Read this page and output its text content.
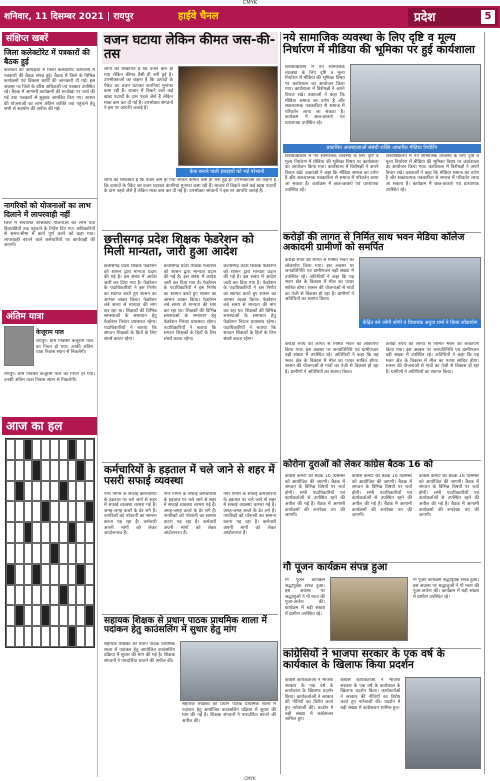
CMYK
शनिवार, 11 दिसम्बर 2021 | रायपुर	हाईवे चैनल	प्रदेश	5
संक्षिप्त खबरें
जिला कलेक्टोरेट में पत्रकारों की बैठक हुई
कलेक्टर की अध्यक्षता में जिला कलेक्टोरेट कार्यालय में पत्रकारों की बैठक संपन्न हुई। बैठक में जिले के विभिन्न कार्यक्रमों एवं विकास कार्यों की जानकारी दी गई। इस अवसर पर जिले के वरिष्ठ अधिकारी एवं पत्रकार उपस्थित रहे। बैठक में आगामी कार्यक्रमों की रूपरेखा पर चर्चा की गई तथा पत्रकारों से सुझाव आमंत्रित किए गए। शासन की योजनाओं का लाभ अंतिम व्यक्ति तक पहुंचाने हेतु सभी से सहयोग की अपील की गई।
नागरिकों को योजनाओं का लाभ दिलाने में लापरवाही नहीं
जिले में संचालित शासकीय योजनाओं का लाभ पात्र हितग्राहियों तक पहुंचाने के निर्देश दिए गए। अधिकारियों से समय-सीमा में कार्य पूर्ण करने को कहा गया। लापरवाही बरतने वाले कर्मचारियों पर कार्यवाही की जाएगी।
अंतिम यात्रा
केजूराम पाल
रायपुर। ग्राम निवासी केजूराम पाल का निधन हो गया। उनकी अंतिम यात्रा निवास स्थान से निकलेगी।
रायपुर। ग्राम निवासी केजूराम पाल का निधन हो गया। उनकी अंतिम यात्रा निवास स्थान से निकलेगी।
आज का हल
वजन घटाया लेकिन कीमत जस-की-तस
लोगों की शिकायत है कि वजन कम हो गया लेकिन कीमत वैसी ही बनी हुई है। उपभोक्ताओं का कहना है कि उत्पादों के पैकेट का वजन घटाकर कंपनियां मुनाफा कमा रही हैं। बाजार में बिकने वाले कई खाद्य पदार्थों के दाम पहले जैसे हैं लेकिन मात्रा कम कर दी गई है। उपभोक्ता संगठनों ने इस पर आपत्ति जताई है।
केक बनाने वाली इकाइयों को भई परेशानी
लोगों की शिकायत है कि वजन कम हो गया लेकिन कीमत वैसी ही बनी हुई है। उपभोक्ताओं का कहना है कि उत्पादों के पैकेट का वजन घटाकर कंपनियां मुनाफा कमा रही हैं। बाजार में बिकने वाले कई खाद्य पदार्थों के दाम पहले जैसे हैं लेकिन मात्रा कम कर दी गई है। उपभोक्ता संगठनों ने इस पर आपत्ति जताई है।
नये सामाजिक व्यवस्था के लिए दृष्टि व मूल्य निर्धारण में मीडिया की भूमिका पर हुई कार्यशाला
विश्वविद्यालय में नये सामाजिक व्यवस्था के लिए दृष्टि व मूल्य निर्धारण में मीडिया की भूमिका विषय पर कार्यशाला का आयोजन किया गया। कार्यशाला में विशेषज्ञों ने अपने विचार रखे। वक्ताओं ने कहा कि मीडिया समाज का दर्पण है और सकारात्मक पत्रकारिता से समाज में परिवर्तन लाया जा सकता है। कार्यक्रम में छात्र-छात्राएं एवं प्राध्यापक उपस्थित रहे।
प्रकाशित आत्महत्याओं संबंधी शक्ति आधारित मीडिया रिपोर्टिंग
विश्वविद्यालय में नये सामाजिक व्यवस्था के लिए दृष्टि व मूल्य निर्धारण में मीडिया की भूमिका विषय पर कार्यशाला का आयोजन किया गया। कार्यशाला में विशेषज्ञों ने अपने विचार रखे। वक्ताओं ने कहा कि मीडिया समाज का दर्पण है और सकारात्मक पत्रकारिता से समाज में परिवर्तन लाया जा सकता है। कार्यक्रम में छात्र-छात्राएं एवं प्राध्यापक उपस्थित रहे।
विश्वविद्यालय में नये सामाजिक व्यवस्था के लिए दृष्टि व मूल्य निर्धारण में मीडिया की भूमिका विषय पर कार्यशाला का आयोजन किया गया। कार्यशाला में विशेषज्ञों ने अपने विचार रखे। वक्ताओं ने कहा कि मीडिया समाज का दर्पण है और सकारात्मक पत्रकारिता से समाज में परिवर्तन लाया जा सकता है। कार्यक्रम में छात्र-छात्राएं एवं प्राध्यापक उपस्थित रहे।
छत्तीसगढ़ प्रदेश शिक्षक फेडरेशन को मिली मान्यता, जारी हुआ आदेश
छत्तीसगढ़ प्रदेश शिक्षक फेडरेशन को शासन द्वारा मान्यता प्रदान की गई है। इस संबंध में आदेश जारी कर दिया गया है। फेडरेशन के पदाधिकारियों ने इस निर्णय का स्वागत करते हुए शासन का आभार व्यक्त किया। फेडरेशन लंबे समय से मान्यता की मांग कर रहा था। शिक्षकों की विभिन्न समस्याओं के समाधान हेतु फेडरेशन निरंतर प्रयासरत रहेगा। पदाधिकारियों ने बताया कि संगठन शिक्षकों के हितों के लिए संघर्ष करता रहेगा।
छत्तीसगढ़ प्रदेश शिक्षक फेडरेशन को शासन द्वारा मान्यता प्रदान की गई है। इस संबंध में आदेश जारी कर दिया गया है। फेडरेशन के पदाधिकारियों ने इस निर्णय का स्वागत करते हुए शासन का आभार व्यक्त किया। फेडरेशन लंबे समय से मान्यता की मांग कर रहा था। शिक्षकों की विभिन्न समस्याओं के समाधान हेतु फेडरेशन निरंतर प्रयासरत रहेगा। पदाधिकारियों ने बताया कि संगठन शिक्षकों के हितों के लिए संघर्ष करता रहेगा।
छत्तीसगढ़ प्रदेश शिक्षक फेडरेशन को शासन द्वारा मान्यता प्रदान की गई है। इस संबंध में आदेश जारी कर दिया गया है। फेडरेशन के पदाधिकारियों ने इस निर्णय का स्वागत करते हुए शासन का आभार व्यक्त किया। फेडरेशन लंबे समय से मान्यता की मांग कर रहा था। शिक्षकों की विभिन्न समस्याओं के समाधान हेतु फेडरेशन निरंतर प्रयासरत रहेगा। पदाधिकारियों ने बताया कि संगठन शिक्षकों के हितों के लिए संघर्ष करता रहेगा।
करोड़ों की लागत से निर्मित साथ भवन मेडिया कॉलेज अकादमी ग्रामीणों को समर्पित
करोड़ों रुपये की लागत से निर्मित भवन का लोकार्पण किया गया। इस अवसर पर जनप्रतिनिधि एवं ग्रामीणजन बड़ी संख्या में उपस्थित रहे। अतिथियों ने कहा कि यह भवन क्षेत्र के विकास में मील का पत्थर साबित होगा। शासन की योजनाओं से गांवों का तेजी से विकास हो रहा है। ग्रामीणों ने अतिथियों का स्वागत किया।
केंद्रित बने जोगी जोगी व विधायक अनुज शर्मा ने किया लोकार्पण
करोड़ों रुपये की लागत से निर्मित भवन का लोकार्पण किया गया। इस अवसर पर जनप्रतिनिधि एवं ग्रामीणजन बड़ी संख्या में उपस्थित रहे। अतिथियों ने कहा कि यह भवन क्षेत्र के विकास में मील का पत्थर साबित होगा। शासन की योजनाओं से गांवों का तेजी से विकास हो रहा है। ग्रामीणों ने अतिथियों का स्वागत किया।
करोड़ों रुपये की लागत से निर्मित भवन का लोकार्पण किया गया। इस अवसर पर जनप्रतिनिधि एवं ग्रामीणजन बड़ी संख्या में उपस्थित रहे। अतिथियों ने कहा कि यह भवन क्षेत्र के विकास में मील का पत्थर साबित होगा। शासन की योजनाओं से गांवों का तेजी से विकास हो रहा है। ग्रामीणों ने अतिथियों का स्वागत किया।
कर्मचारियों के हड़ताल में चले जाने से शहर में पसरी सफाई व्यवस्था
नगर निगम के सफाई कर्मचारियों के हड़ताल पर चले जाने से शहर में सफाई व्यवस्था चरमरा गई है। जगह-जगह कचरे के ढेर लगे हैं। नागरिकों को परेशानी का सामना करना पड़ रहा है। कर्मचारी अपनी मांगों को लेकर आंदोलनरत हैं।
नगर निगम के सफाई कर्मचारियों के हड़ताल पर चले जाने से शहर में सफाई व्यवस्था चरमरा गई है। जगह-जगह कचरे के ढेर लगे हैं। नागरिकों को परेशानी का सामना करना पड़ रहा है। कर्मचारी अपनी मांगों को लेकर आंदोलनरत हैं।
नगर निगम के सफाई कर्मचारियों के हड़ताल पर चले जाने से शहर में सफाई व्यवस्था चरमरा गई है। जगह-जगह कचरे के ढेर लगे हैं। नागरिकों को परेशानी का सामना करना पड़ रहा है। कर्मचारी अपनी मांगों को लेकर आंदोलनरत हैं।
कोरोना दुराओं को लेकर कांग्रेस बैठक 16 को
कांग्रेस कमेटी की बैठक 16 दिसम्बर को आयोजित की जाएगी। बैठक में संगठन के विभिन्न विषयों पर चर्चा होगी। सभी पदाधिकारियों एवं कार्यकर्ताओं से उपस्थित रहने की अपील की गई है। बैठक में आगामी कार्यक्रमों की रूपरेखा तय की जाएगी।
कांग्रेस कमेटी की बैठक 16 दिसम्बर को आयोजित की जाएगी। बैठक में संगठन के विभिन्न विषयों पर चर्चा होगी। सभी पदाधिकारियों एवं कार्यकर्ताओं से उपस्थित रहने की अपील की गई है। बैठक में आगामी कार्यक्रमों की रूपरेखा तय की जाएगी।
कांग्रेस कमेटी की बैठक 16 दिसम्बर को आयोजित की जाएगी। बैठक में संगठन के विभिन्न विषयों पर चर्चा होगी। सभी पदाधिकारियों एवं कार्यकर्ताओं से उपस्थित रहने की अपील की गई है। बैठक में आगामी कार्यक्रमों की रूपरेखा तय की जाएगी।
गौ पूजन कार्यक्रम संपन्न हुआ
गौ पूजन कार्यक्रम श्रद्धापूर्वक संपन्न हुआ। इस अवसर पर श्रद्धालुओं ने गौ माता की पूजा-अर्चना की। कार्यक्रम में बड़ी संख्या में ग्रामीण उपस्थित रहे।
गौ पूजन कार्यक्रम श्रद्धापूर्वक संपन्न हुआ। इस अवसर पर श्रद्धालुओं ने गौ माता की पूजा-अर्चना की। कार्यक्रम में बड़ी संख्या में ग्रामीण उपस्थित रहे।
सहायक शिक्षक से प्रधान पाठक प्राथमिक शाला में पदांकन हेतु काउंसलिंग में सुधार हेतु मांग
सहायक शिक्षकों को प्रधान पाठक प्राथमिक शाला में पदांकन हेतु आयोजित काउंसलिंग प्रक्रिया में सुधार की मांग की गई है। शिक्षक संगठनों ने पारदर्शिता बरतने की अपील की।
सहायक शिक्षकों को प्रधान पाठक प्राथमिक शाला में पदांकन हेतु आयोजित काउंसलिंग प्रक्रिया में सुधार की मांग की गई है। शिक्षक संगठनों ने पारदर्शिता बरतने की अपील की।
कांग्रेसियों ने भाजपा सरकार के एक वर्ष के कार्यकाल के खिलाफ किया प्रदर्शन
कांग्रेस कार्यकर्ताओं ने भाजपा सरकार के एक वर्ष के कार्यकाल के खिलाफ प्रदर्शन किया। कार्यकर्ताओं ने सरकार की नीतियों का विरोध करते हुए नारेबाजी की। प्रदर्शन में बड़ी संख्या में कांग्रेसजन शामिल हुए।
कांग्रेस कार्यकर्ताओं ने भाजपा सरकार के एक वर्ष के कार्यकाल के खिलाफ प्रदर्शन किया। कार्यकर्ताओं ने सरकार की नीतियों का विरोध करते हुए नारेबाजी की। प्रदर्शन में बड़ी संख्या में कांग्रेसजन शामिल हुए।
CMYK
